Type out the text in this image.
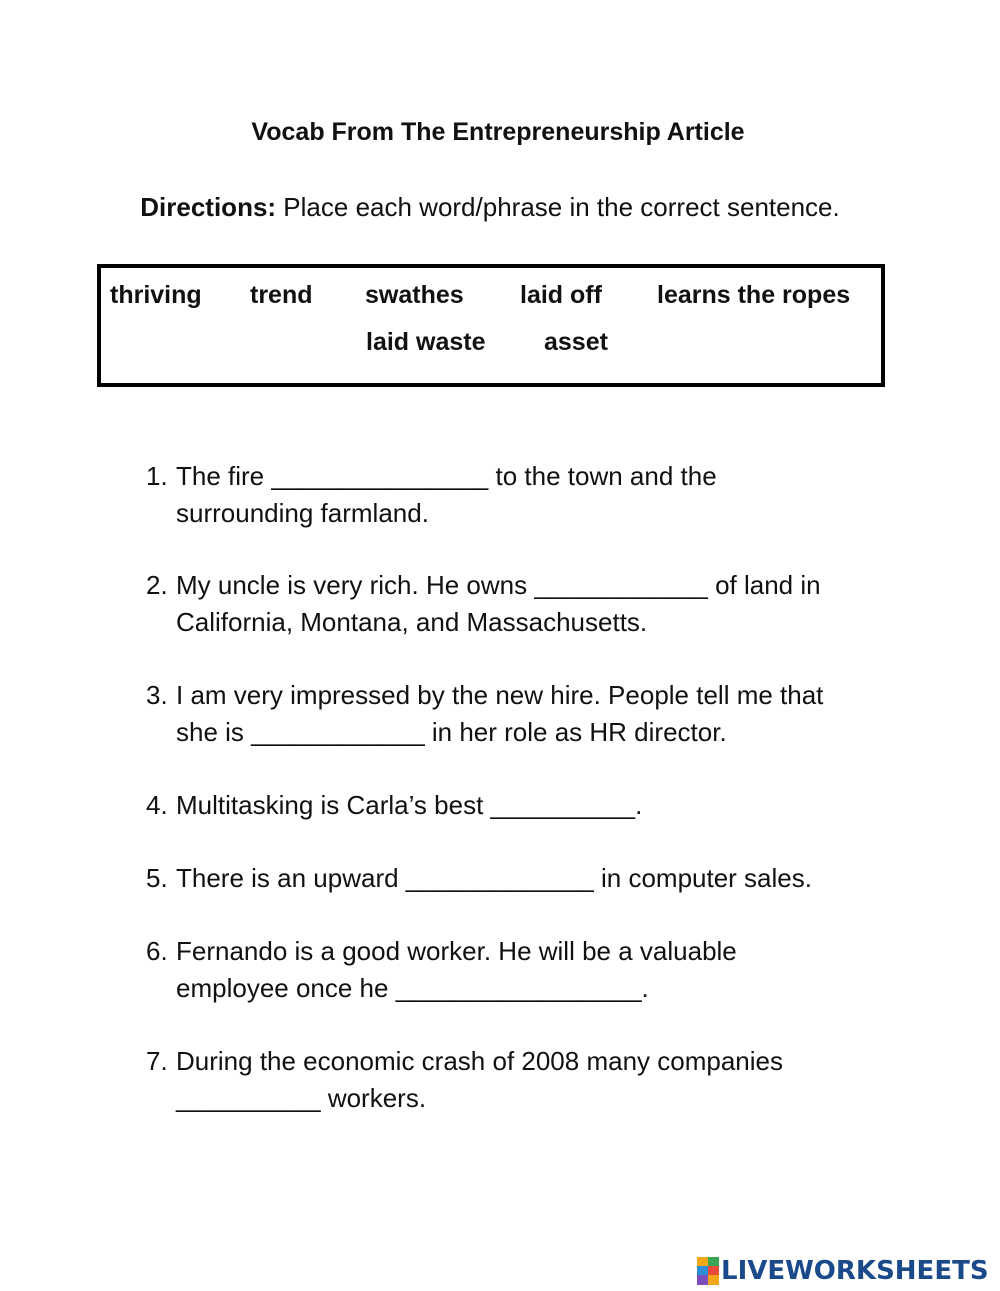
Vocab From The Entrepreneurship Article
Directions: Place each word/phrase in the correct sentence.
thriving trend swathes laid off learns the ropes
laid waste asset
1. The fire _______________ to the town and the
surrounding farmland.
2. My uncle is very rich. He owns ____________ of land in
California, Montana, and Massachusetts.
3. I am very impressed by the new hire. People tell me that
she is ____________ in her role as HR director.
4. Multitasking is Carla’s best __________.
5. There is an upward _____________ in computer sales.
6. Fernando is a good worker. He will be a valuable
employee once he _________________.
7. During the economic crash of 2008 many companies
__________ workers.
LIVEWORKSHEETS
